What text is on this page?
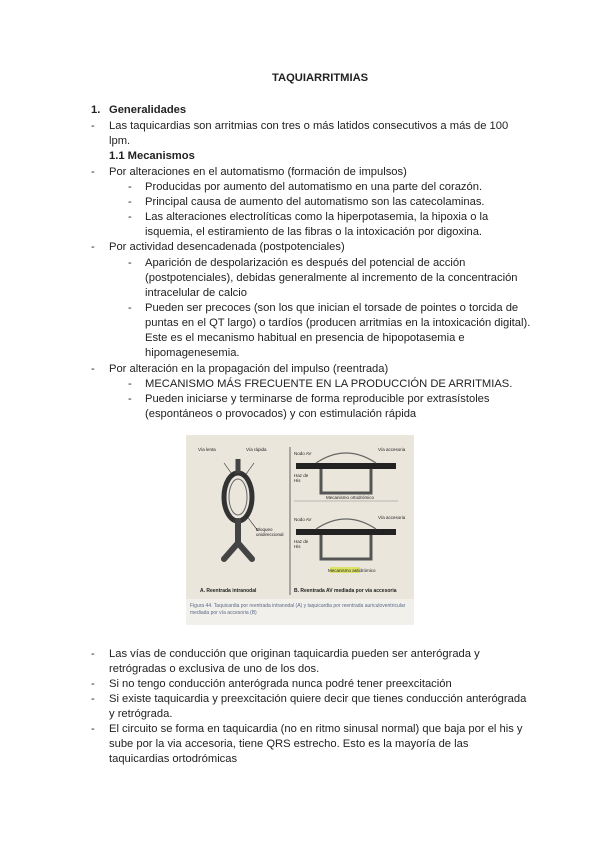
TAQUIARRITMIAS
1. Generalidades
- Las taquicardias son arritmias con tres o más latidos consecutivos a más de 100
lpm.
1.1 Mecanismos
- Por alteraciones en el automatismo (formación de impulsos)
- Producidas por aumento del automatismo en una parte del corazón.
- Principal causa de aumento del automatismo son las catecolaminas.
- Las alteraciones electrolíticas como la hiperpotasemia, la hipoxia o la
isquemia, el estiramiento de las fibras o la intoxicación por digoxina.
- Por actividad desencadenada (postpotenciales)
- Aparición de despolarización es después del potencial de acción
(postpotenciales), debidas generalmente al incremento de la concentración
intracelular de calcio
- Pueden ser precoces (son los que inician el torsade de pointes o torcida de
puntas en el QT largo) o tardíos (producen arritmias en la intoxicación digital).
Este es el mecanismo habitual en presencia de hipopotasemia e
hipomagenesemia.
- Por alteración en la propagación del impulso (reentrada)
- MECANISMO MÁS FRECUENTE EN LA PRODUCCIÓN DE ARRITMIAS.
- Pueden iniciarse y terminarse de forma reproducible por extrasístoles
(espontáneos o provocados) y con estimulación rápida
Vía lenta	Vía rápida
Bloqueo unidireccional
Nodo AV
Vía accesoria
Haz de His
Mecanismo ortodrómico
Nodo AV	Vía accesoria
Haz de His
Mecanismo antidrómico
A. Reentrada intranodal	B. Reentrada AV mediada por vía accesoria
Figura 44. Taquicardia por reentrada intranodal (A) y taquicardia por reentrada auriculoventricular mediada por vía accesoria (B)
- Las vías de conducción que originan taquicardia pueden ser anterógrada y
retrógradas o exclusiva de uno de los dos.
- Si no tengo conducción anterógrada nunca podré tener preexcitación
- Si existe taquicardia y preexcitación quiere decir que tienes conducción anterógrada
y retrógrada.
- El circuito se forma en taquicardia (no en ritmo sinusal normal) que baja por el his y
sube por la via accesoria, tiene QRS estrecho. Esto es la mayoría de las
taquicardias ortodrómicas
